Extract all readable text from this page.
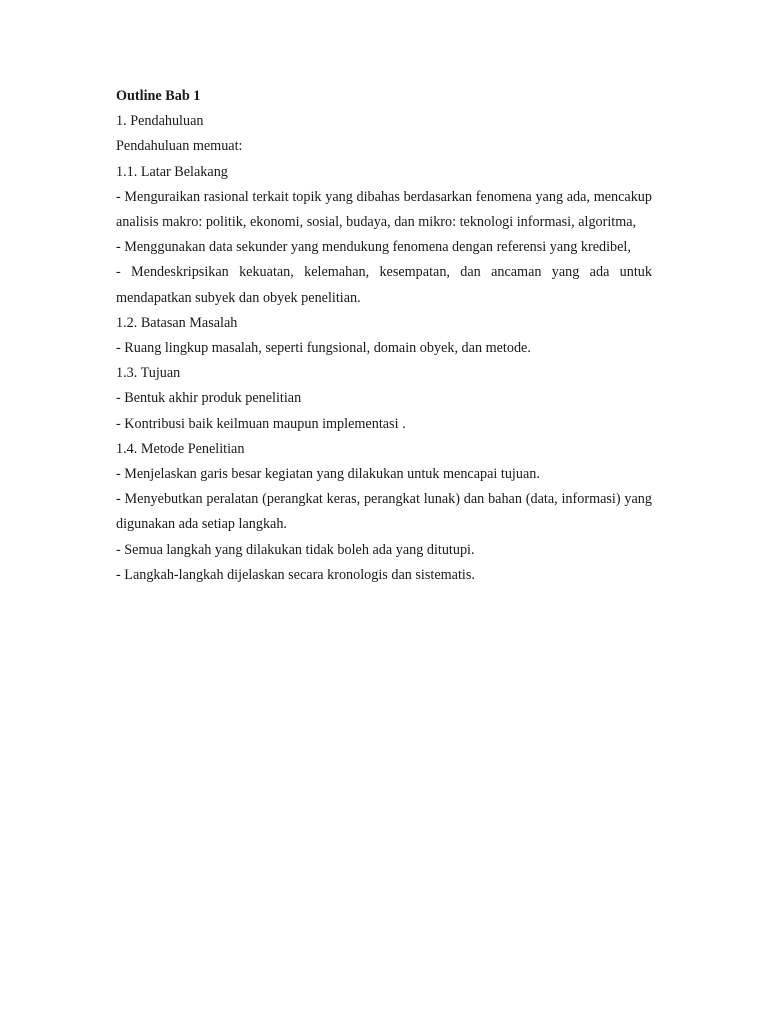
Outline Bab 1

1. Pendahuluan

Pendahuluan memuat:

1.1. Latar Belakang

- Menguraikan rasional terkait topik yang dibahas berdasarkan fenomena yang ada, mencakup analisis makro: politik, ekonomi, sosial, budaya, dan mikro: teknologi informasi, algoritma,

- Menggunakan data sekunder yang mendukung fenomena dengan referensi yang kredibel,

- Mendeskripsikan kekuatan, kelemahan, kesempatan, dan ancaman yang ada untuk mendapatkan subyek dan obyek penelitian.

1.2. Batasan Masalah

- Ruang lingkup masalah, seperti fungsional, domain obyek, dan metode.

1.3. Tujuan

- Bentuk akhir produk penelitian

- Kontribusi baik keilmuan maupun implementasi .

1.4. Metode Penelitian

- Menjelaskan garis besar kegiatan yang dilakukan untuk mencapai tujuan.

- Menyebutkan peralatan (perangkat keras, perangkat lunak) dan bahan (data, informasi) yang digunakan ada setiap langkah.

- Semua langkah yang dilakukan tidak boleh ada yang ditutupi.

- Langkah-langkah dijelaskan secara kronologis dan sistematis.
